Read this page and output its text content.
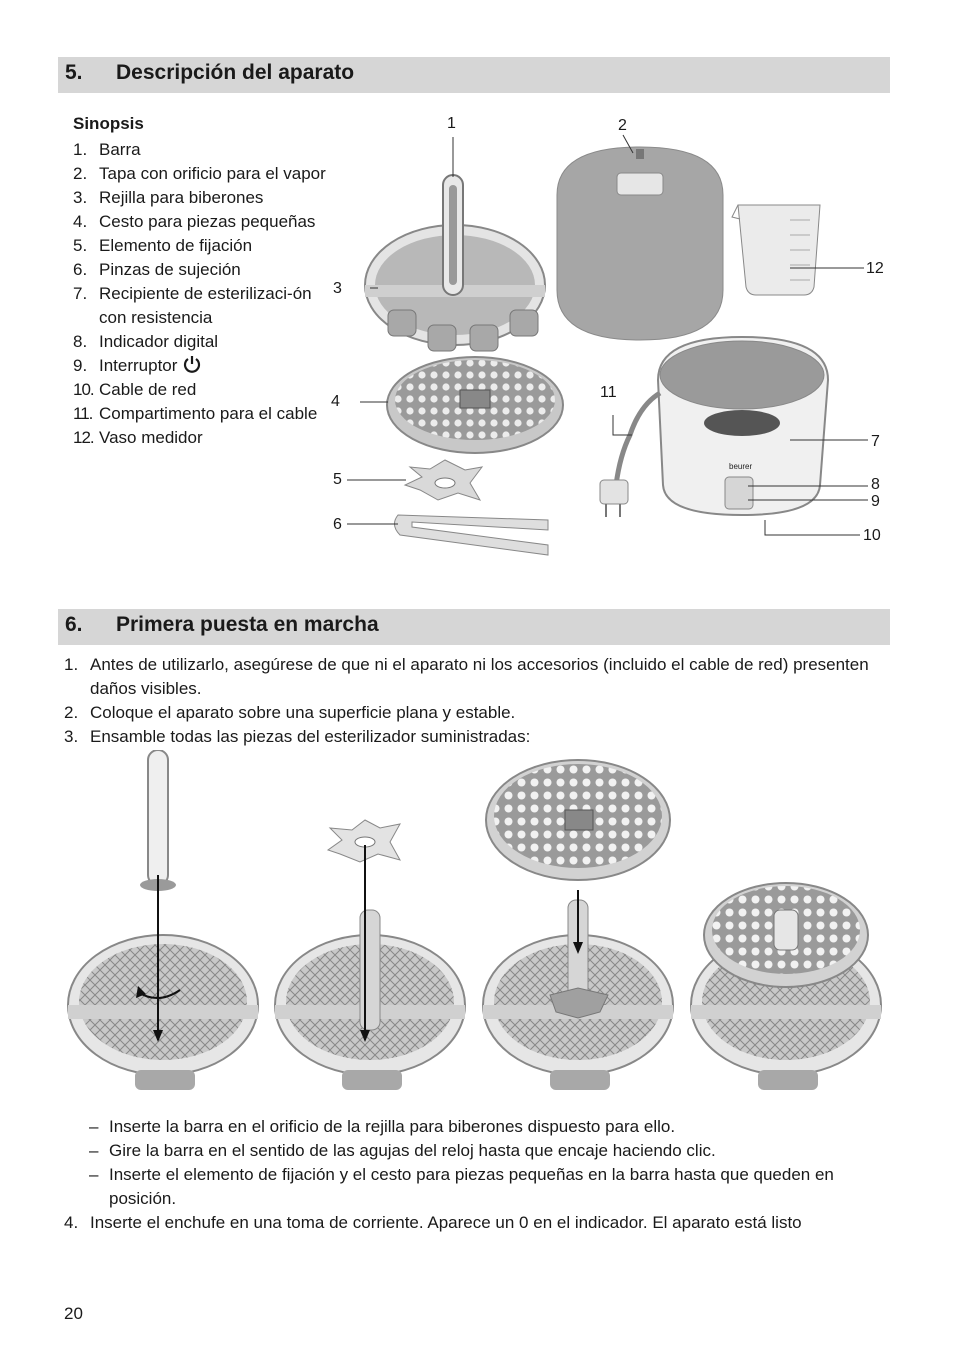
5. Descripción del aparato
Sinopsis
1. Barra
2. Tapa con orificio para el vapor
3. Rejilla para biberones
4. Cesto para piezas pequeñas
5. Elemento de fijación
6. Pinzas de sujeción
7. Recipiente de esterilizaci-ón con resistencia
8. Indicador digital
9. Interruptor
10. Cable de red
11. Compartimento para el cable
12. Vaso medidor
beurer
1	2
3
4
5
6
7
8
9
10
11
12
6. Primera puesta en marcha
1. Antes de utilizarlo, asegúrese de que ni el aparato ni los accesorios (incluido el cable de red) presenten daños visibles.
2. Coloque el aparato sobre una superficie plana y estable.
3. Ensamble todas las piezas del esterilizador suministradas:
– Inserte la barra en el orificio de la rejilla para biberones dispuesto para ello.
– Gire la barra en el sentido de las agujas del reloj hasta que encaje haciendo clic.
– Inserte el elemento de fijación y el cesto para piezas pequeñas en la barra hasta que queden en posición.
4. Inserte el enchufe en una toma de corriente. Aparece un 0 en el indicador. El aparato está listo
20
